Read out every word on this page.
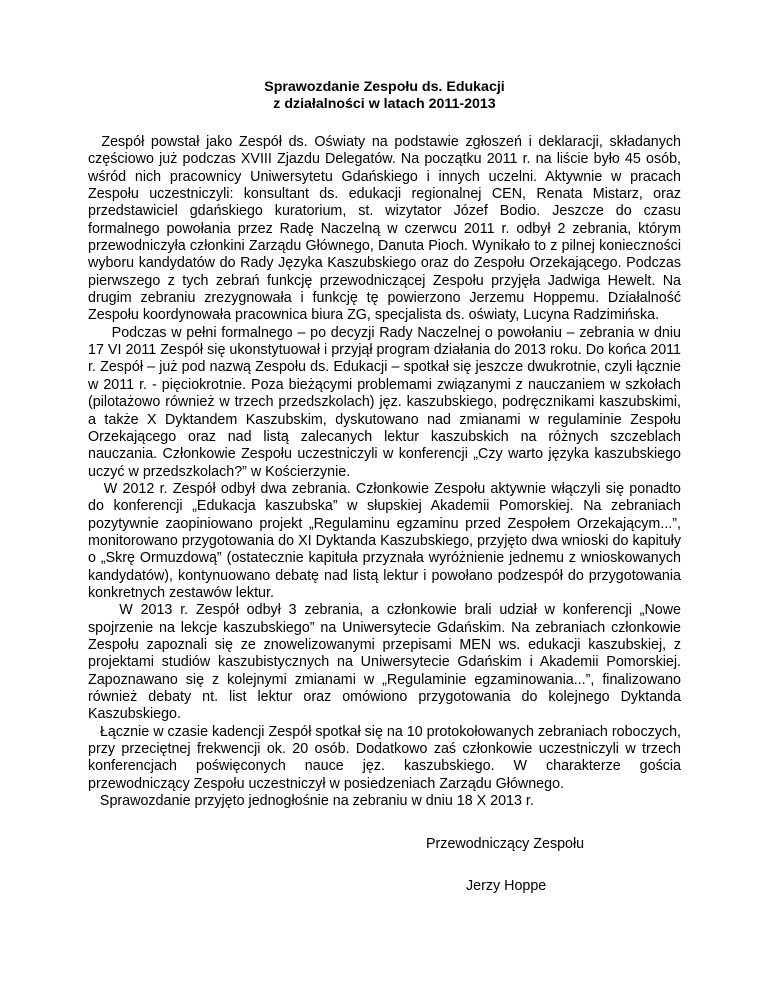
Sprawozdanie Zespołu ds. Edukacji
z działalności w latach 2011-2013

Zespół powstał jako Zespół ds. Oświaty na podstawie zgłoszeń i deklaracji, składanych częściowo już podczas XVIII Zjazdu Delegatów. Na początku 2011 r. na liście było 45 osób, wśród nich pracownicy Uniwersytetu Gdańskiego i innych uczelni. Aktywnie w pracach Zespołu uczestniczyli: konsultant ds. edukacji regionalnej CEN, Renata Mistarz, oraz przedstawiciel gdańskiego kuratorium, st. wizytator Józef Bodio. Jeszcze do czasu formalnego powołania przez Radę Naczelną w czerwcu 2011 r. odbył 2 zebrania, którym przewodniczyła członkini Zarządu Głównego, Danuta Pioch. Wynikało to z pilnej konieczności wyboru kandydatów do Rady Języka Kaszubskiego oraz do Zespołu Orzekającego. Podczas pierwszego z tych zebrań funkcję przewodniczącej Zespołu przyjęła Jadwiga Hewelt. Na drugim zebraniu zrezygnowała i funkcję tę powierzono Jerzemu Hoppemu. Działalność Zespołu koordynowała pracownica biura ZG, specjalista ds. oświaty, Lucyna Radzimińska.

Podczas w pełni formalnego – po decyzji Rady Naczelnej o powołaniu – zebrania w dniu 17 VI 2011 Zespół się ukonstytuował i przyjął program działania do 2013 roku. Do końca 2011 r. Zespół – już pod nazwą Zespołu ds. Edukacji – spotkał się jeszcze dwukrotnie, czyli łącznie w 2011 r. - pięciokrotnie. Poza bieżącymi problemami związanymi z nauczaniem w szkołach (pilotażowo również w trzech przedszkolach) jęz. kaszubskiego, podręcznikami kaszubskimi, a także X Dyktandem Kaszubskim, dyskutowano nad zmianami w regulaminie Zespołu Orzekającego oraz nad listą zalecanych lektur kaszubskich na różnych szczeblach nauczania. Członkowie Zespołu uczestniczyli w konferencji „Czy warto języka kaszubskiego uczyć w przedszkolach?” w Kościerzynie.

W 2012 r. Zespół odbył dwa zebrania. Członkowie Zespołu aktywnie włączyli się ponadto do konferencji „Edukacja kaszubska” w słupskiej Akademii Pomorskiej. Na zebraniach pozytywnie zaopiniowano projekt „Regulaminu egzaminu przed Zespołem Orzekającym...”, monitorowano przygotowania do XI Dyktanda Kaszubskiego, przyjęto dwa wnioski do kapituły o „Skrę Ormuzdową” (ostatecznie kapituła przyznała wyróżnienie jednemu z wnioskowanych kandydatów), kontynuowano debatę nad listą lektur i powołano podzespół do przygotowania konkretnych zestawów lektur.

W 2013 r. Zespół odbył 3 zebrania, a członkowie brali udział w konferencji „Nowe spojrzenie na lekcje kaszubskiego” na Uniwersytecie Gdańskim. Na zebraniach członkowie Zespołu zapoznali się ze znowelizowanymi przepisami MEN ws. edukacji kaszubskiej, z projektami studiów kaszubistycznych na Uniwersytecie Gdańskim i Akademii Pomorskiej. Zapoznawano się z kolejnymi zmianami w „Regulaminie egzaminowania...”, finalizowano również debaty nt. list lektur oraz omówiono przygotowania do kolejnego Dyktanda Kaszubskiego.

Łącznie w czasie kadencji Zespół spotkał się na 10 protokołowanych zebraniach roboczych, przy przeciętnej frekwencji ok. 20 osób. Dodatkowo zaś członkowie uczestniczyli w trzech konferencjach poświęconych nauce jęz. kaszubskiego. W charakterze gościa przewodniczący Zespołu uczestniczył w posiedzeniach Zarządu Głównego.

Sprawozdanie przyjęto jednogłośnie na zebraniu w dniu 18 X 2013 r.

Przewodniczący Zespołu
Jerzy Hoppe
